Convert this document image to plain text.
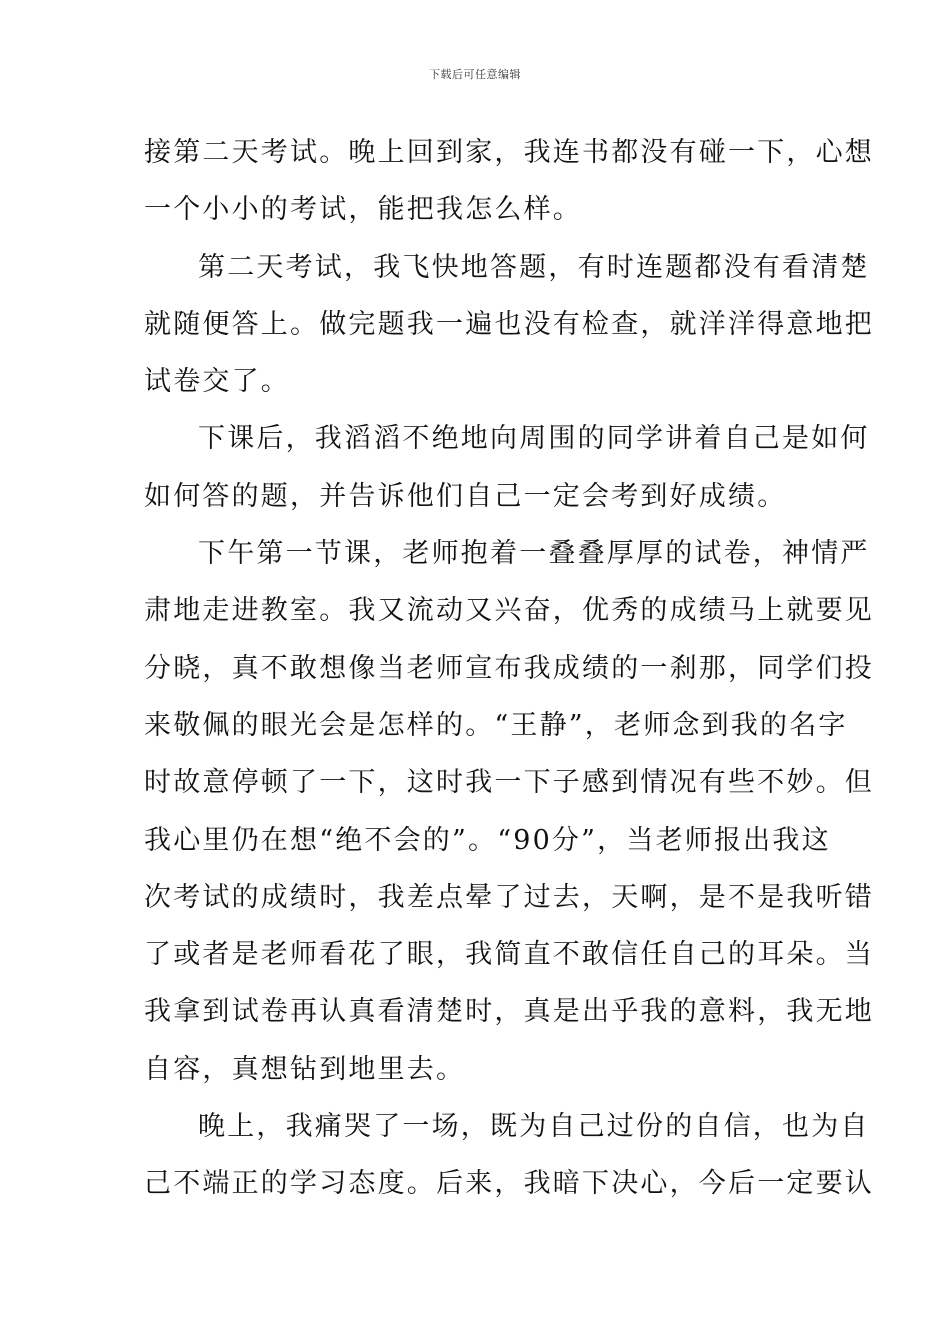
下载后可任意编辑
接第二天考试。晚上回到家，我连书都没有碰一下，心想
一个小小的考试，能把我怎么样。
第二天考试，我飞快地答题，有时连题都没有看清楚
就随便答上。做完题我一遍也没有检查，就洋洋得意地把
试卷交了。
下课后，我滔滔不绝地向周围的同学讲着自己是如何
如何答的题，并告诉他们自己一定会考到好成绩。
下午第一节课，老师抱着一叠叠厚厚的试卷，神情严
肃地走进教室。我又流动又兴奋，优秀的成绩马上就要见
分晓，真不敢想像当老师宣布我成绩的一刹那，同学们投
来敬佩的眼光会是怎样的。“王静”，老师念到我的名字
时故意停顿了一下，这时我一下子感到情况有些不妙。但
我心里仍在想“绝不会的”。“90分”，当老师报出我这
次考试的成绩时，我差点晕了过去，天啊，是不是我听错
了或者是老师看花了眼，我简直不敢信任自己的耳朵。当
我拿到试卷再认真看清楚时，真是出乎我的意料，我无地
自容，真想钻到地里去。
晚上，我痛哭了一场，既为自己过份的自信，也为自
己不端正的学习态度。后来，我暗下决心，今后一定要认
